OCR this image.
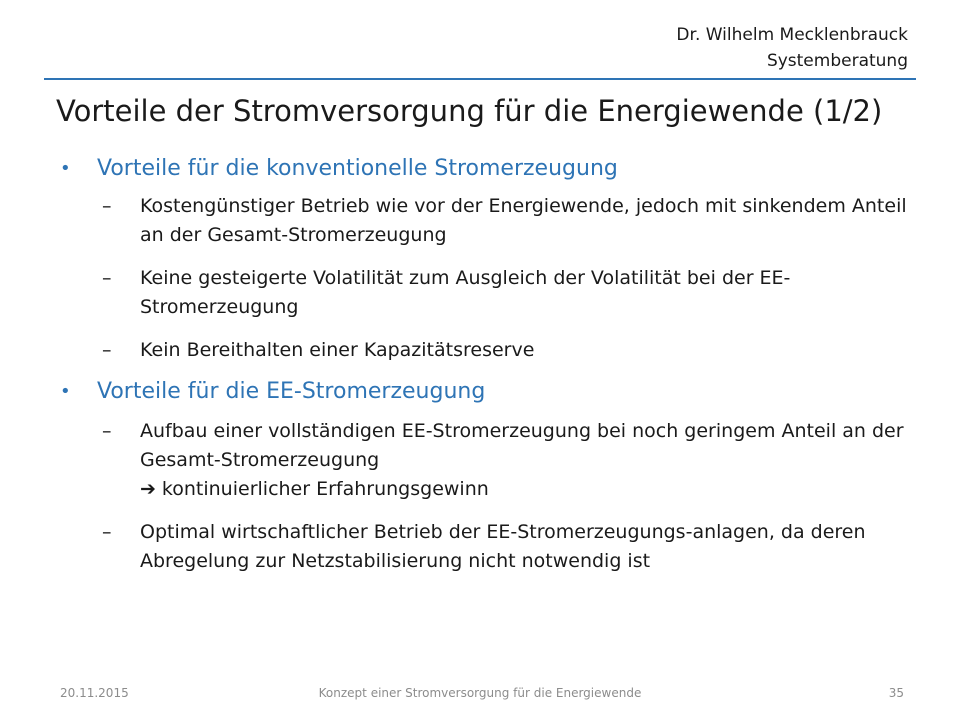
Dr. Wilhelm Mecklenbrauck
Systemberatung
Vorteile der Stromversorgung für die Energiewende (1/2)
• Vorteile für die konventionelle Stromerzeugung
– Kostengünstiger Betrieb wie vor der Energiewende, jedoch mit sinkendem Anteil an der Gesamt-Stromerzeugung
– Keine gesteigerte Volatilität zum Ausgleich der Volatilität bei der EE-Stromerzeugung
– Kein Bereithalten einer Kapazitätsreserve
• Vorteile für die EE-Stromerzeugung
– Aufbau einer vollständigen EE-Stromerzeugung bei noch geringem Anteil an der Gesamt-Stromerzeugung
➔ kontinuierlicher Erfahrungsgewinn
– Optimal wirtschaftlicher Betrieb der EE-Stromerzeugungs-anlagen, da deren Abregelung zur Netzstabilisierung nicht notwendig ist
20.11.2015	Konzept einer Stromversorgung für die Energiewende	35
